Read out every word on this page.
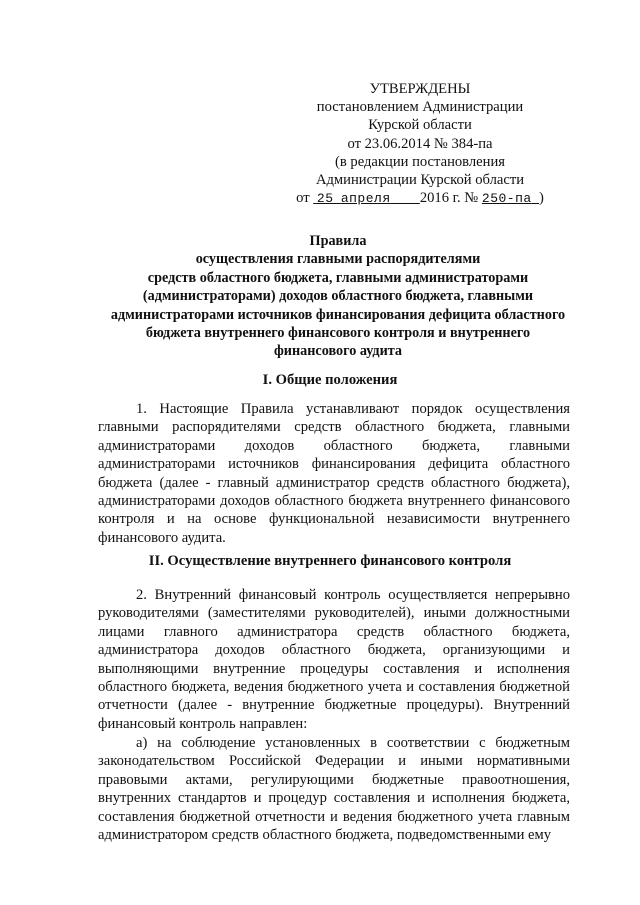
УТВЕРЖДЕНЫ
постановлением Администрации
Курской области
от 23.06.2014 № 384-па
(в редакции постановления
Администрации Курской области
от 25 апреля 2016 г. № 250-па )
Правила
осуществления главными распорядителями
средств областного бюджета, главными администраторами
(администраторами) доходов областного бюджета, главными
администраторами источников финансирования дефицита областного
бюджета внутреннего финансового контроля и внутреннего
финансового аудита
I. Общие положения
1. Настоящие Правила устанавливают порядок осуществления главными распорядителями средств областного бюджета, главными администраторами доходов областного бюджета, главными администраторами источников финансирования дефицита областного бюджета (далее - главный администратор средств областного бюджета), администраторами доходов областного бюджета внутреннего финансового контроля и на основе функциональной независимости внутреннего финансового аудита.
II. Осуществление внутреннего финансового контроля
2. Внутренний финансовый контроль осуществляется непрерывно руководителями (заместителями руководителей), иными должностными лицами главного администратора средств областного бюджета, администратора доходов областного бюджета, организующими и выполняющими внутренние процедуры составления и исполнения областного бюджета, ведения бюджетного учета и составления бюджетной отчетности (далее - внутренние бюджетные процедуры). Внутренний финансовый контроль направлен:
а) на соблюдение установленных в соответствии с бюджетным законодательством Российской Федерации и иными нормативными правовыми актами, регулирующими бюджетные правоотношения, внутренних стандартов и процедур составления и исполнения бюджета, составления бюджетной отчетности и ведения бюджетного учета главным администратором средств областного бюджета, подведомственными ему
